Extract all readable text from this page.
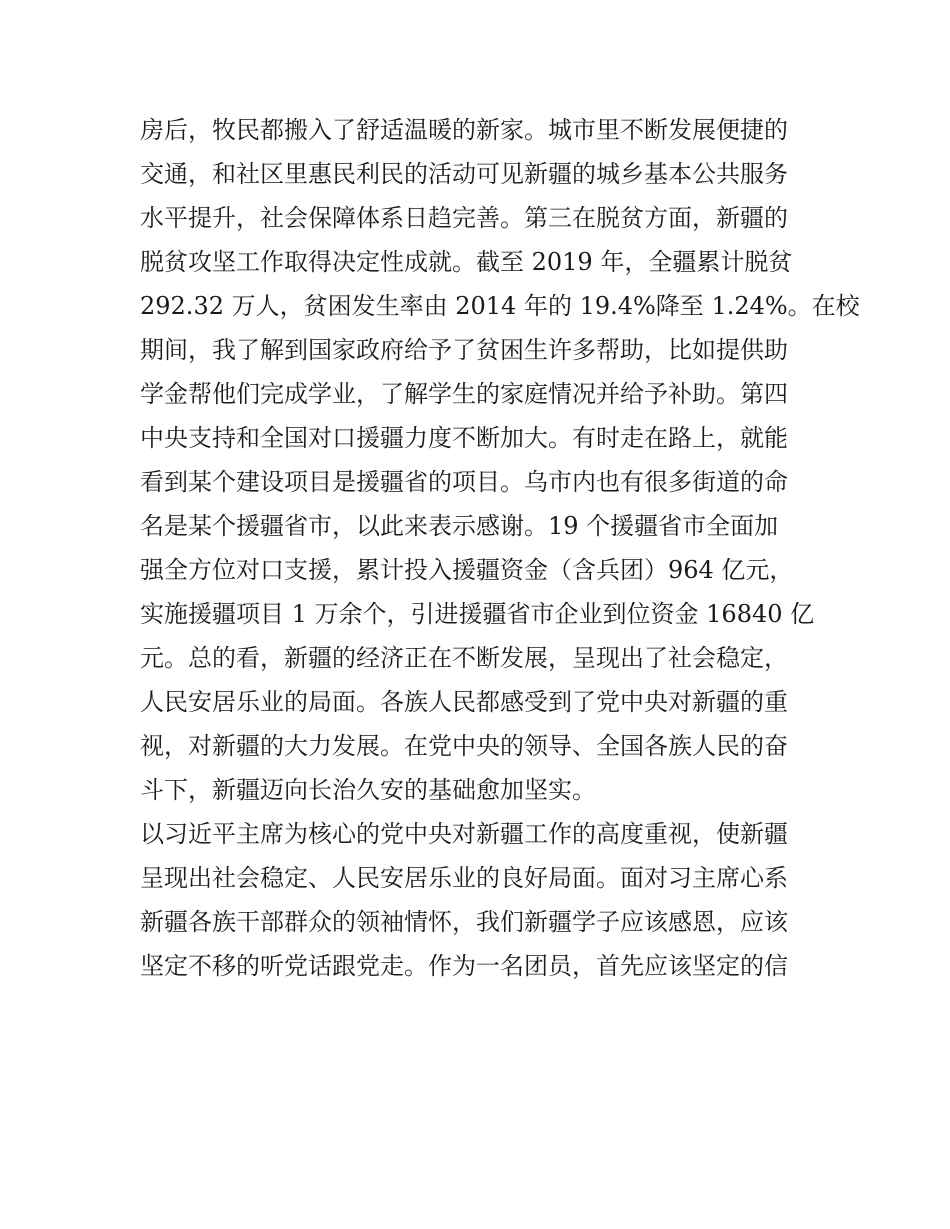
房后，牧民都搬入了舒适温暖的新家。城市里不断发展便捷的
交通，和社区里惠民利民的活动可见新疆的城乡基本公共服务
水平提升，社会保障体系日趋完善。第三在脱贫方面，新疆的
脱贫攻坚工作取得决定性成就。截至 2019 年，全疆累计脱贫
292.32 万人，贫困发生率由 2014 年的 19.4%降至 1.24%。在校
期间，我了解到国家政府给予了贫困生许多帮助，比如提供助
学金帮他们完成学业，了解学生的家庭情况并给予补助。第四
中央支持和全国对口援疆力度不断加大。有时走在路上，就能
看到某个建设项目是援疆省的项目。乌市内也有很多街道的命
名是某个援疆省市，以此来表示感谢。19 个援疆省市全面加
强全方位对口支援，累计投入援疆资金（含兵团）964 亿元，
实施援疆项目 1 万余个，引进援疆省市企业到位资金 16840 亿
元。总的看，新疆的经济正在不断发展，呈现出了社会稳定，
人民安居乐业的局面。各族人民都感受到了党中央对新疆的重
视，对新疆的大力发展。在党中央的领导、全国各族人民的奋
斗下，新疆迈向长治久安的基础愈加坚实。
以习近平主席为核心的党中央对新疆工作的高度重视，使新疆
呈现出社会稳定、人民安居乐业的良好局面。面对习主席心系
新疆各族干部群众的领袖情怀，我们新疆学子应该感恩，应该
坚定不移的听党话跟党走。作为一名团员，首先应该坚定的信
